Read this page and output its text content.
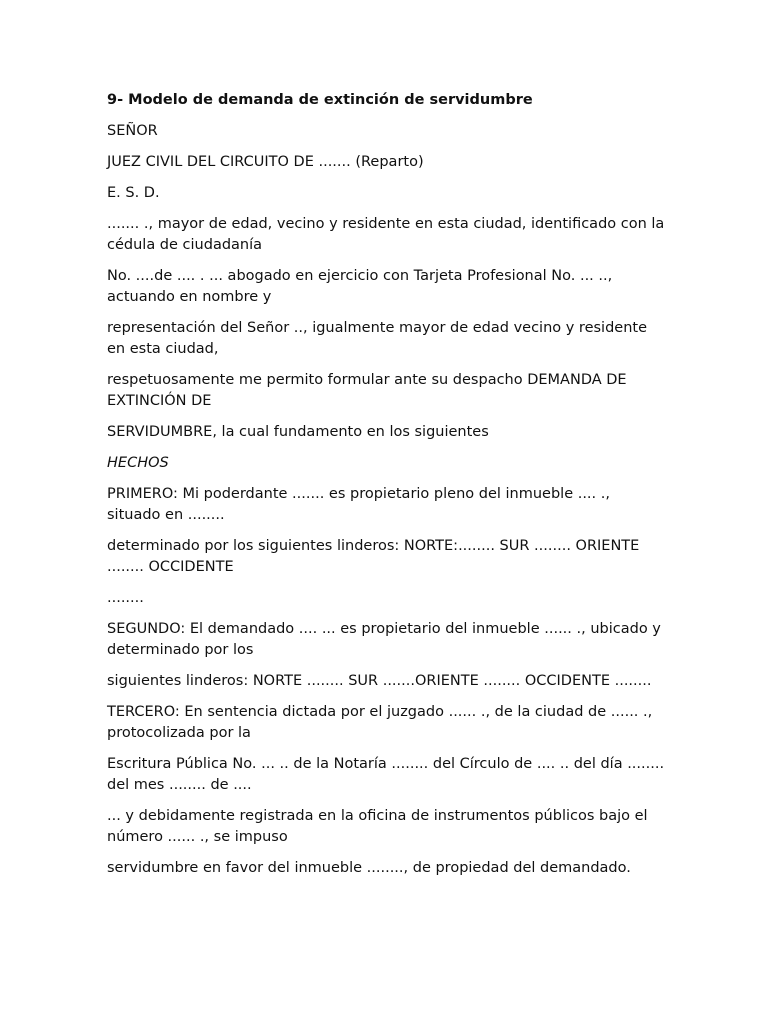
9- Modelo de demanda de extinción de servidumbre
SEÑOR
JUEZ CIVIL DEL CIRCUITO DE ....... (Reparto)
E. S. D.
....... ., mayor de edad, vecino y residente en esta ciudad, identificado con la cédula de ciudadanía
No. ....de .... . ... abogado en ejercicio con Tarjeta Profesional No. ... .., actuando en nombre y
representación del Señor .., igualmente mayor de edad vecino y residente en esta ciudad,
respetuosamente me permito formular ante su despacho DEMANDA DE EXTINCIÓN DE
SERVIDUMBRE, la cual fundamento en los siguientes
HECHOS
PRIMERO: Mi poderdante ....... es propietario pleno del inmueble .... ., situado en ........
determinado por los siguientes linderos: NORTE:........ SUR ........ ORIENTE ........ OCCIDENTE
........
SEGUNDO: El demandado .... ... es propietario del inmueble ...... ., ubicado y determinado por los
siguientes linderos: NORTE ........ SUR .......ORIENTE ........ OCCIDENTE ........
TERCERO: En sentencia dictada por el juzgado ...... ., de la ciudad de ...... ., protocolizada por la
Escritura Pública No. ... .. de la Notaría ........ del Círculo de .... .. del día ........ del mes ........ de ....
... y debidamente registrada en la oficina de instrumentos públicos bajo el número ...... ., se impuso
servidumbre en favor del inmueble ........, de propiedad del demandado.
